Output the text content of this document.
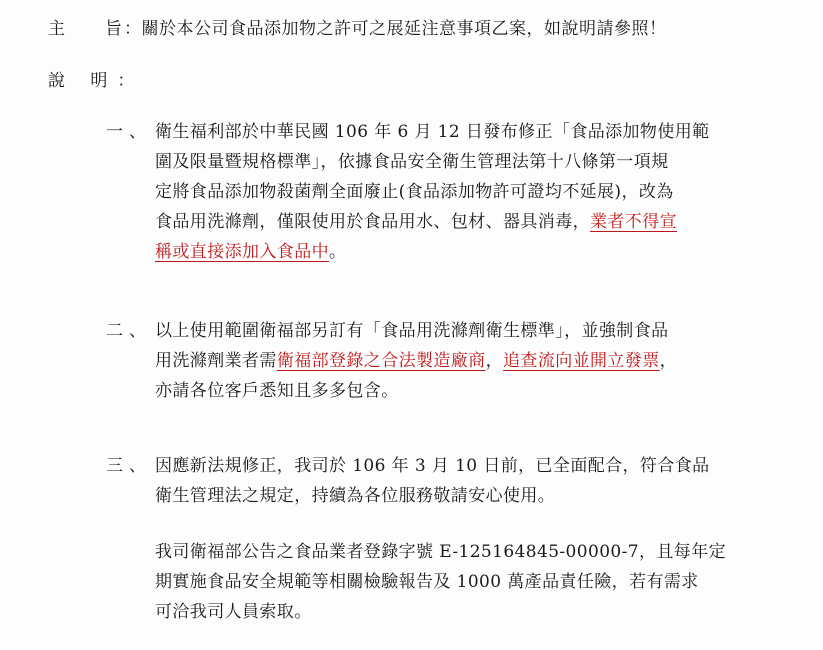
主 旨 ：關於本公司食品添加物之許可之展延注意事項乙案，如說明請參照！
說 明：
一、 衛生福利部於中華民國 106 年 6 月 12 日發布修正「食品添加物使用範
圍及限量暨規格標準」，依據食品安全衛生管理法第十八條第一項規
定將食品添加物殺菌劑全面廢止(食品添加物許可證均不延展)，改為
食品用洗滌劑，僅限使用於食品用水、包材、器具消毒，業者不得宣
稱或直接添加入食品中。
二、 以上使用範圍衛福部另訂有「食品用洗滌劑衛生標準」，並強制食品
用洗滌劑業者需衛福部登錄之合法製造廠商，追查流向並開立發票，
亦請各位客戶悉知且多多包含。
三、 因應新法規修正，我司於 106 年 3 月 10 日前，已全面配合，符合食品
衛生管理法之規定，持續為各位服務敬請安心使用。
我司衛福部公告之食品業者登錄字號 E-125164845-00000-7，且每年定
期實施食品安全規範等相關檢驗報告及 1000 萬產品責任險，若有需求
可洽我司人員索取。
